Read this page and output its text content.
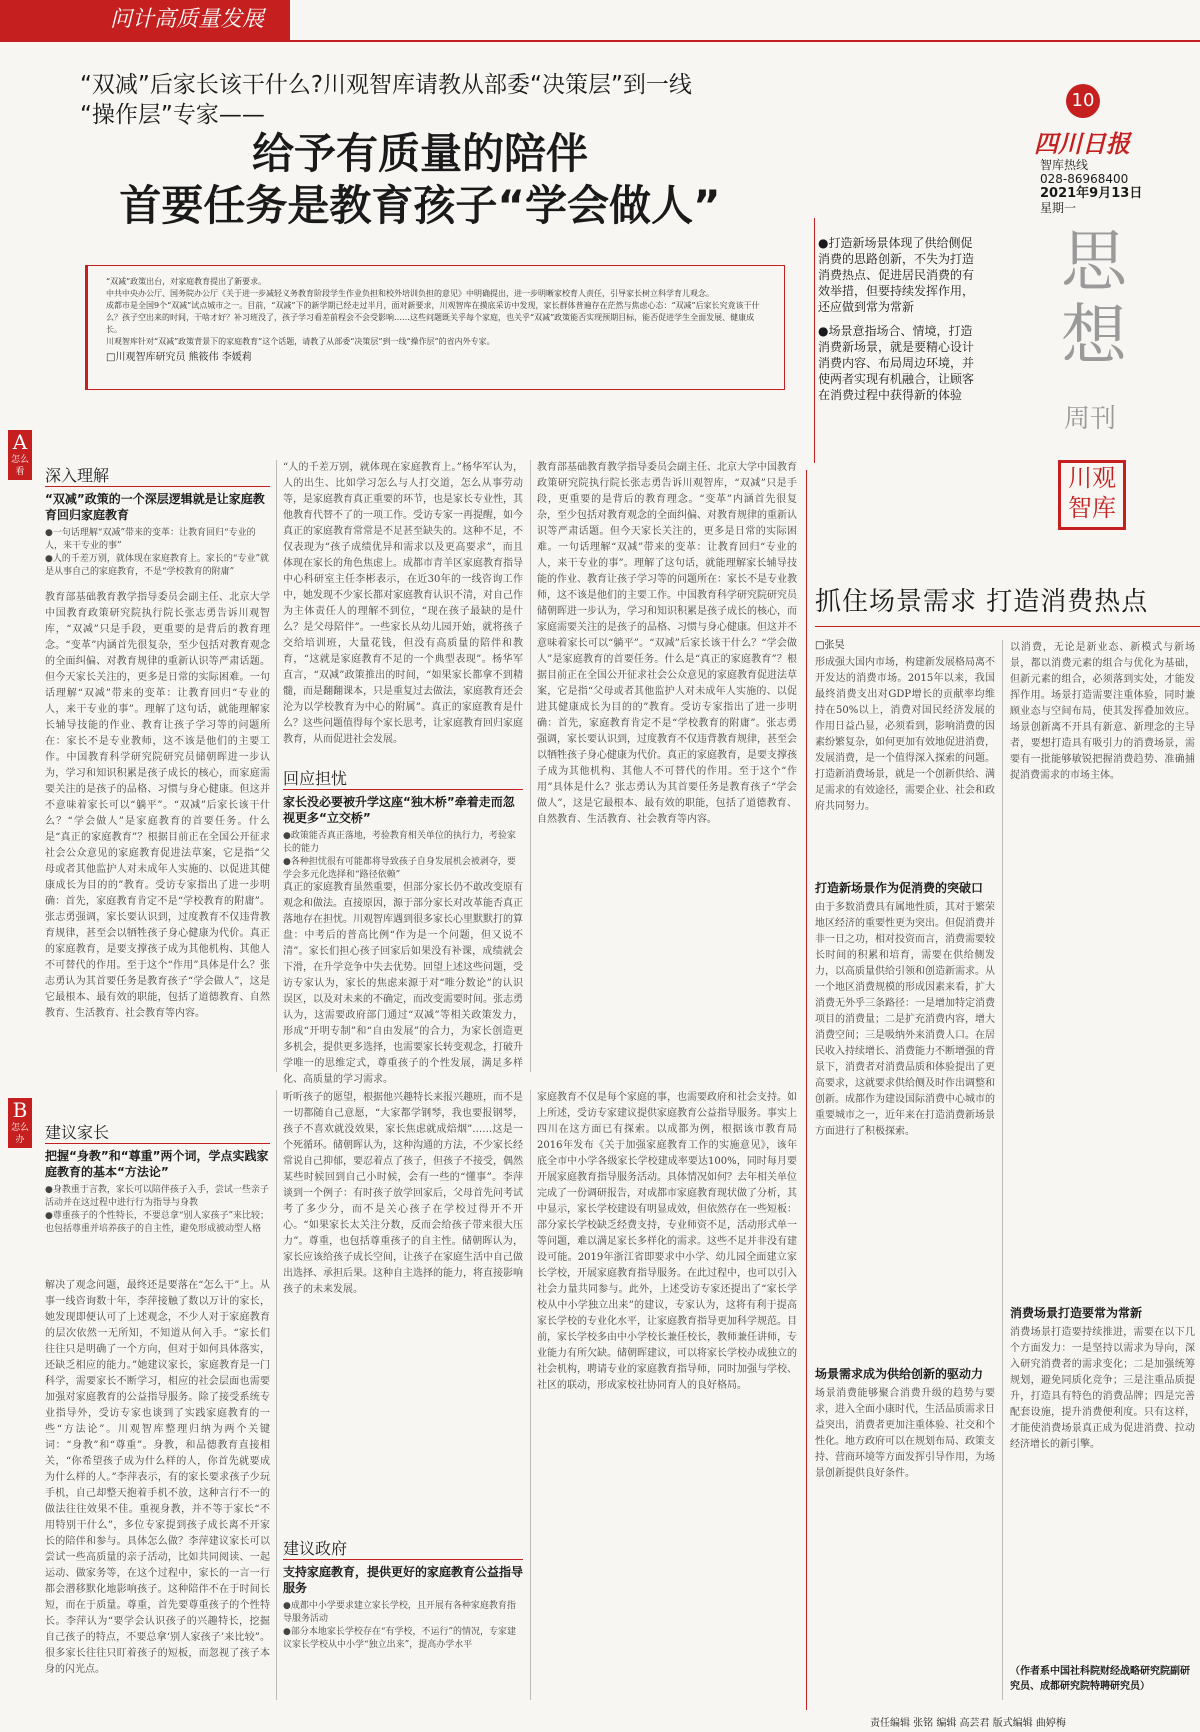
问计高质量发展
“双减”后家长该干什么?川观智库请教从部委“决策层”到一线
“操作层”专家——
给予有质量的陪伴
首要任务是教育孩子“学会做人”
10
四川日报
智库热线
028-86968400
2021年9月13日
星期一
思想
周刊
川观智库

●打造新场景体现了供给侧促消费的思路创新，不失为打造消费热点、促进居民消费的有效举措，但要持续发挥作用，还应做到常为常新

●场景意指场合、情境，打造消费新场景，就是要精心设计消费内容、布局周边环境，并使两者实现有机融合，让顾客在消费过程中获得新的体验

“双减”政策出台，对家庭教育提出了新要求。
中共中央办公厅、国务院办公厅《关于进一步减轻义务教育阶段学生作业负担和校外培训负担的意见》中明确提出，进一步明晰家校育人责任，引导家长树立科学育儿观念。
成都市是全国9个“双减”试点城市之一。目前，“双减”下的新学期已经走过半月，面对新要求，川观智库在摸底采访中发现，家长群体普遍存在茫然与焦虑心态：“双减”后家长究竟该干什么？孩子空出来的时间，干啥才好？补习班没了，孩子学习看差前程会不会受影响……这些问题既关乎每个家庭，也关乎“双减”政策能否实现预期目标，能否促进学生全面发展、健康成长。
川观智库针对“双减”政策背景下的家庭教育”这个话题，请教了从部委“决策层”到一线“操作层”的省内外专家。
□川观智库研究员 熊筱伟 李媛莉
A
怎么看	深入理解
“双减”政策的一个深层逻辑就是让家庭教育回归家庭教育
●一句话理解“双减”带来的变革：让教育回归“专业的人，来干专业的事”
●人的千差万别，就体现在家庭教育上。家长的“专业”就是从事自己的家庭教育，不是“学校教育的附庸”
教育部基础教育教学指导委员会副主任、北京大学中国教育政策研究院执行院长张志勇告诉川观智库，“双减”只是手段，更重要的是背后的教育理念。“变革”内涵首先很复杂，至少包括对教育观念的全面纠偏、对教育规律的重新认识等严肃话题。但今天家长关注的，更多是日常的实际困难。一句话理解“双减”带来的变革：让教育回归“专业的人，来干专业的事”。理解了这句话，就能理解家长辅导技能的作业、教育让孩子学习等的问题所在：家长不是专业教师，这不该是他们的主要工作。中国教育科学研究院研究员储朝晖进一步认为，学习和知识积累是孩子成长的核心，而家庭需要关注的是孩子的品格、习惯与身心健康。但这并不意味着家长可以“躺平”。“双减”后家长该干什么？“学会做人”是家庭教育的首要任务。什么是“真正的家庭教育”？根据目前正在全国公开征求社会公众意见的家庭教育促进法草案，它是指“父母或者其他监护人对未成年人实施的、以促进其健康成长为目的的”教育。受访专家指出了进一步明确：首先，家庭教育肯定不是“学校教育的附庸”。张志勇强调，家长要认识到，过度教育不仅违背教育规律，甚至会以牺牲孩子身心健康为代价。真正的家庭教育，是要支撑孩子成为其他机构、其他人不可替代的作用。至于这个“作用”具体是什么？张志勇认为其首要任务是教育孩子“学会做人”，这是它最根本、最有效的职能，包括了道德教育、自然教育、生活教育、社会教育等内容。
“人的千差万别，就体现在家庭教育上。”杨华军认为，人的出生、比如学习怎么与人打交道，怎么从事劳动等，是家庭教育真正重要的环节，也是家长专业性，其他教育代替不了的一项工作。受访专家一再提醒，如今真正的家庭教育常常是不足甚至缺失的。这种不足，不仅表现为“孩子成绩优异和需求以及更高要求”，而且体现在家长的角色焦虑上。成都市青羊区家庭教育指导中心科研室主任李彬表示，在近30年的一线咨询工作中，她发现不少家长都对家庭教育认识不清，对自己作为主体责任人的理解不到位，“现在孩子最缺的是什么？是父母陪伴”。一些家长从幼儿园开始，就将孩子交给培训班，大量花钱，但没有高质量的陪伴和教育，“这就是家庭教育不足的一个典型表现”。杨华军直言，“双减”政策推出的时间，“如果家长都拿不到精髓，而是翻翻课本，只是重复过去做法，家庭教育还会沦为以学校教育为中心的附属”。真正的家庭教育是什么？这些问题值得每个家长思考，让家庭教育回归家庭教育，从而促进社会发展。
回应担忧
家长没必要被升学这座“独木桥”牵着走而忽视更多“立交桥”
●政策能否真正落地，考验教育相关单位的执行力，考验家长的能力
●各种担忧很有可能都将导致孩子自身发展机会被剥夺，要学会多元化选择和“路径依赖”
真正的家庭教育虽然重要，但部分家长仍不敢改变原有观念和做法。直接原因，源于部分家长对改革能否真正落地存在担忧。川观智库遇到很多家长心里默默打的算盘：中考后的普高比例“作为是一个问题，但又说不清”。家长们担心孩子回家后如果没有补课，成绩就会下滑，在升学竞争中失去优势。回望上述这些问题，受访专家认为，家长的焦虑来源于对“唯分数论”的认识误区，以及对未来的不确定，而改变需要时间。张志勇认为，这需要政府部门通过“双减”等相关政策发力，形成“开明专制”和“自由发展”的合力，为家长创造更多机会，提供更多选择，也需要家长转变观念，打破升学唯一的思维定式，尊重孩子的个性发展，满足多样化、高质量的学习需求。
教育部基础教育教学指导委员会副主任、北京大学中国教育政策研究院执行院长张志勇告诉川观智库，“双减”只是手段，更重要的是背后的教育理念。“变革”内涵首先很复杂，至少包括对教育观念的全面纠偏、对教育规律的重新认识等严肃话题。但今天家长关注的，更多是日常的实际困难。一句话理解“双减”带来的变革：让教育回归“专业的人，来干专业的事”。理解了这句话，就能理解家长辅导技能的作业、教育让孩子学习等的问题所在：家长不是专业教师，这不该是他们的主要工作。中国教育科学研究院研究员储朝晖进一步认为，学习和知识积累是孩子成长的核心，而家庭需要关注的是孩子的品格、习惯与身心健康。但这并不意味着家长可以“躺平”。“双减”后家长该干什么？“学会做人”是家庭教育的首要任务。什么是“真正的家庭教育”？根据目前正在全国公开征求社会公众意见的家庭教育促进法草案，它是指“父母或者其他监护人对未成年人实施的、以促进其健康成长为目的的”教育。受访专家指出了进一步明确：首先，家庭教育肯定不是“学校教育的附庸”。张志勇强调，家长要认识到，过度教育不仅违背教育规律，甚至会以牺牲孩子身心健康为代价。真正的家庭教育，是要支撑孩子成为其他机构、其他人不可替代的作用。至于这个“作用”具体是什么？张志勇认为其首要任务是教育孩子“学会做人”，这是它最根本、最有效的职能，包括了道德教育、自然教育、生活教育、社会教育等内容。
B
怎么办	建议家长
把握“身教”和“尊重”两个词，学点实践家庭教育的基本“方法论”
●身教重于言教，家长可以陪伴孩子入手，尝试一些亲子活动并在这过程中进行行为指导与身教
●尊重孩子的个性特长，不要总拿“别人家孩子”来比较；也包括尊重并培养孩子的自主性，避免形成被动型人格
解决了观念问题，最终还是要落在“怎么干”上。从事一线咨询数十年，李萍接触了数以万计的家长，她发现即便认可了上述观念，不少人对于家庭教育的层次依然一无所知，不知道从何入手。“家长们往往只是明确了一个方向，但对于如何具体落实，还缺乏相应的能力。”她建议家长，家庭教育是一门科学，需要家长不断学习，相应的社会层面也需要加强对家庭教育的公益指导服务。除了接受系统专业指导外，受访专家也谈到了实践家庭教育的一些“方法论”。川观智库整理归纳为两个关键词：“身教”和“尊重”。身教，和品德教育直接相关，“你希望孩子成为什么样的人，你首先就要成为什么样的人。”李萍表示，有的家长要求孩子少玩手机，自己却整天抱着手机不放，这种言行不一的做法往往效果不佳。重视身教，并不等于家长“不用特别干什么”，多位专家提到孩子成长离不开家长的陪伴和参与。具体怎么做？李萍建议家长可以尝试一些高质量的亲子活动，比如共同阅读、一起运动、做家务等，在这个过程中，家长的一言一行都会潜移默化地影响孩子。这种陪伴不在于时间长短，而在于质量。尊重，首先要尊重孩子的个性特长。李萍认为“要学会认识孩子的兴趣特长，挖掘自己孩子的特点，不要总拿‘别人家孩子’来比较”。很多家长往往只盯着孩子的短板，而忽视了孩子本身的闪光点。
听听孩子的愿望，根据他兴趣特长来报兴趣班，而不是一切都随自己意愿，“大家都学钢琴，我也要报钢琴，孩子不喜欢就没效果，家长焦虑就成焙烟”……这是一个死循环。储朝晖认为，这种沟通的方法，不少家长经常说自己抑郁，要忍着点了孩子，但孩子不接受，偶然某些时候回到自己小时候，会有一些的“懂事”。李萍谈到一个例子：有时孩子放学回家后，父母首先问考试考了多少分，而不是关心孩子在学校过得开不开心。“如果家长太关注分数，反而会给孩子带来很大压力”。尊重，也包括尊重孩子的自主性。储朝晖认为，家长应该给孩子成长空间，让孩子在家庭生活中自己做出选择、承担后果。这种自主选择的能力，将直接影响孩子的未来发展。
建议政府
支持家庭教育，提供更好的家庭教育公益指导服务
●成都中小学要求建立家长学校，且开展有各种家庭教育指导服务活动
●部分本地家长学校存在“有学校，不运行”的情况，专家建议家长学校从中小学“独立出来”，提高办学水平
家庭教育不仅是每个家庭的事，也需要政府和社会支持。如上所述，受访专家建议提供家庭教育公益指导服务。事实上四川在这方面已有探索。以成都为例，根据该市教育局2016年发布《关于加强家庭教育工作的实施意见》，该年底全市中小学各级家长学校建成率要达100%，同时每月要开展家庭教育指导服务活动。具体情况如何？去年相关单位完成了一份调研报告，对成都市家庭教育现状做了分析，其中显示，家长学校建设有明显成效，但依然存在一些短板：部分家长学校缺乏经费支持，专业师资不足，活动形式单一等问题，难以满足家长多样化的需求。这些不足并非没有建设可能。2019年浙江省即要求中小学、幼儿园全面建立家长学校，开展家庭教育指导服务。在此过程中，也可以引入社会力量共同参与。此外，上述受访专家还提出了“家长学校从中小学独立出来”的建议，专家认为，这将有利于提高家长学校的专业化水平，让家庭教育指导更加科学规范。目前，家长学校多由中小学校长兼任校长，教师兼任讲师，专业能力有所欠缺。储朝晖建议，可以将家长学校办成独立的社会机构，聘请专业的家庭教育指导师，同时加强与学校、社区的联动，形成家校社协同育人的良好格局。
抓住场景需求 打造消费热点
□张昊
形成强大国内市场，构建新发展格局离不开发达的消费市场。2015年以来，我国最终消费支出对GDP增长的贡献率均维持在50%以上，消费对国民经济发展的作用日益凸显，必须看到，影响消费的因素纷繁复杂，如何更加有效地促进消费，发展消费，是一个值得深入探索的问题。打造新消费场景，就是一个创新供给、满足需求的有效途径，需要企业、社会和政府共同努力。
打造新场景作为促消费的突破口
由于多数消费具有属地性质，其对于繁荣地区经济的重要性更为突出。但促消费并非一日之功，相对投资而言，消费需要较长时间的积累和培育，需要在供给侧发力，以高质量供给引领和创造新需求。从一个地区消费规模的形成因素来看，扩大消费无外乎三条路径：一是增加特定消费项目的消费量；二是扩充消费内容，增大消费空间；三是吸纳外来消费人口。在居民收入持续增长、消费能力不断增强的背景下，消费者对消费品质和体验提出了更高要求，这就要求供给侧及时作出调整和创新。成都作为建设国际消费中心城市的重要城市之一，近年来在打造消费新场景方面进行了积极探索。
场景需求成为供给创新的驱动力
场景消费能够聚合消费升级的趋势与要求，进入全面小康时代，生活品质需求日益突出，消费者更加注重体验、社交和个性化。地方政府可以在规划布局、政策支持、营商环境等方面发挥引导作用，为场景创新提供良好条件。
以消费，无论是新业态、新模式与新场景，都以消费元素的组合与优化为基础，但新元素的组合，必须落到实处，才能发挥作用。场景打造需要注重体验，同时兼顾业态与空间布局，使其发挥叠加效应。场景创新离不开具有新意、新理念的主导者，要想打造具有吸引力的消费场景，需要有一批能够敏锐把握消费趋势、准确捕捉消费需求的市场主体。
消费场景打造要常为常新
消费场景打造要持续推进，需要在以下几个方面发力：一是坚持以需求为导向，深入研究消费者的需求变化；二是加强统筹规划，避免同质化竞争；三是注重品质提升，打造具有特色的消费品牌；四是完善配套设施，提升消费便利度。只有这样，才能使消费场景真正成为促进消费、拉动经济增长的新引擎。
（作者系中国社科院财经战略研究院副研究员、成都研究院特聘研究员）
责任编辑 张铭 编辑 高芸君 版式编辑 曲婷梅
